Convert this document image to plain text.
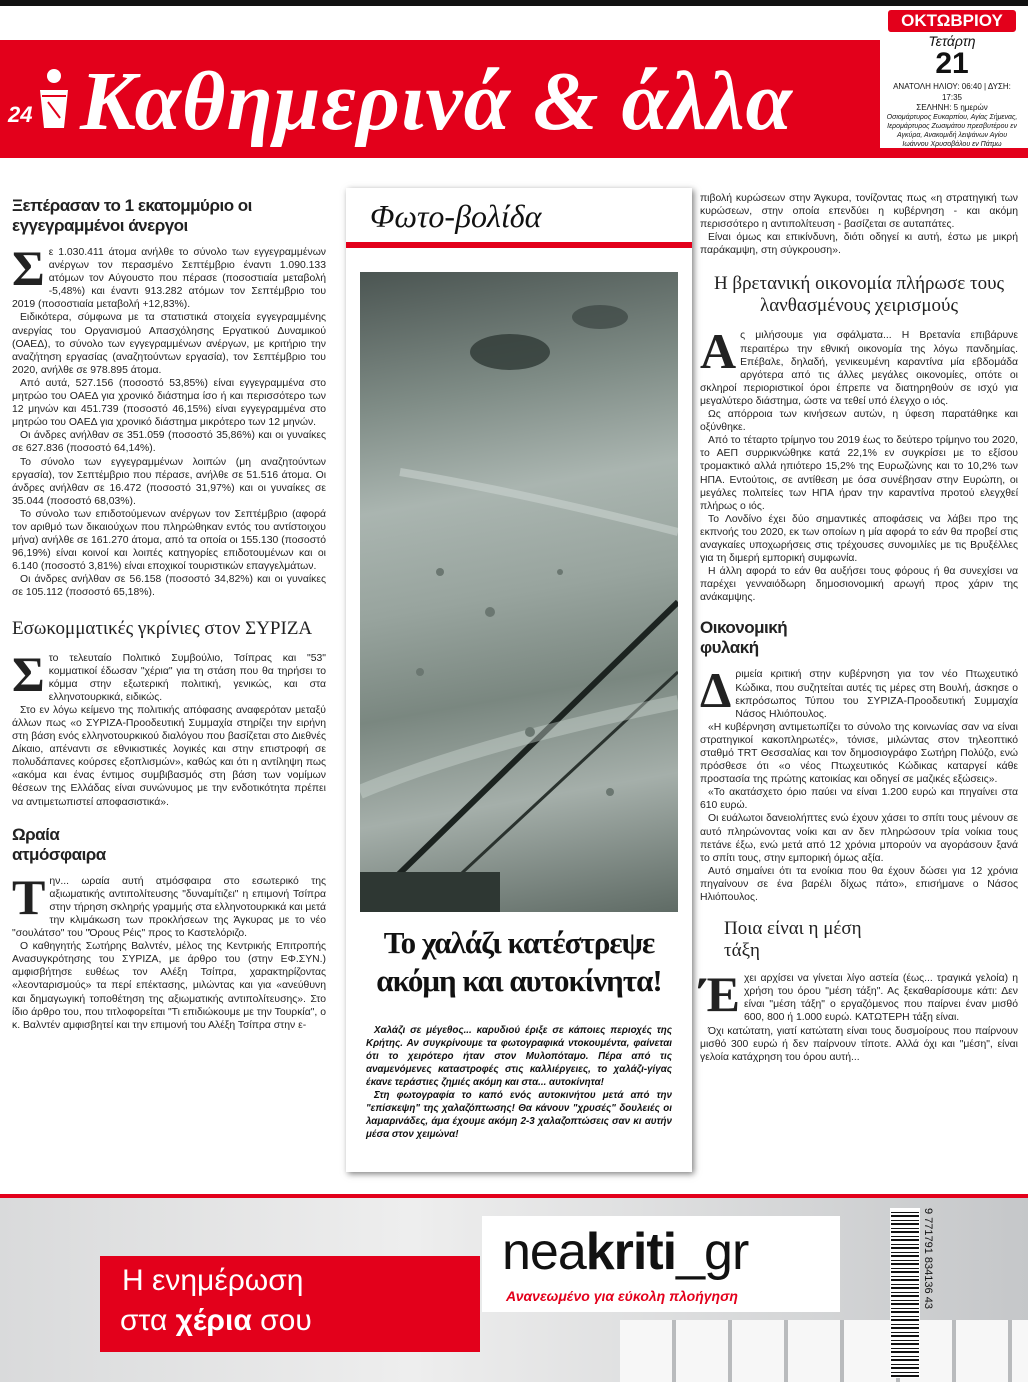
24 Καθημερινά & άλλα
ΟΚΤΩΒΡΙΟΥ
Τετάρτη
21
ΑΝΑΤΟΛΗ ΗΛΙΟΥ: 06:40 | ΔΥΣΗ: 17:35
ΣΕΛΗΝΗ: 5 ημερών
Οσιομάρτυρος Ευκαρπίου, Αγίας Σήμενας, Ιερομάρτυρος Ζωσιμάτου πρεσβυτέρου εν Αγκύρα, Ανακομιδή λειψάνων Αγίου Ιωάννου Χρυσοβάλου εν Πάτμω
Ξεπέρασαν το 1 εκατομμύριο οι εγγεγραμμένοι άνεργοι

Σε 1.030.411 άτομα ανήλθε το σύνολο των εγγεγραμμένων ανέργων τον περασμένο Σεπτέμβριο έναντι 1.090.133 ατόμων τον Αύγουστο που πέρασε (ποσοστιαία μεταβολή -5,48%) και έναντι 913.282 ατόμων τον Σεπτέμβριο του 2019 (ποσοστιαία μεταβολή +12,83%).

Ειδικότερα, σύμφωνα με τα στατιστικά στοιχεία εγγεγραμμένης ανεργίας του Οργανισμού Απασχόλησης Εργατικού Δυναμικού (ΟΑΕΔ), το σύνολο των εγγεγραμμένων ανέργων, με κριτήριο την αναζήτηση εργασίας (αναζητούντων εργασία), τον Σεπτέμβριο του 2020, ανήλθε σε 978.895 άτομα.

Από αυτά, 527.156 (ποσοστό 53,85%) είναι εγγεγραμμένα στο μητρώο του ΟΑΕΔ για χρονικό διάστημα ίσο ή και περισσότερο των 12 μηνών και 451.739 (ποσοστό 46,15%) είναι εγγεγραμμένα στο μητρώο του ΟΑΕΔ για χρονικό διάστημα μικρότερο των 12 μηνών.

Οι άνδρες ανήλθαν σε 351.059 (ποσοστό 35,86%) και οι γυναίκες σε 627.836 (ποσοστό 64,14%).

Το σύνολο των εγγεγραμμένων λοιπών (μη αναζητούντων εργασία), τον Σεπτέμβριο που πέρασε, ανήλθε σε 51.516 άτομα. Οι άνδρες ανήλθαν σε 16.472 (ποσοστό 31,97%) και οι γυναίκες σε 35.044 (ποσοστό 68,03%).

Το σύνολο των επιδοτούμενων ανέργων τον Σεπτέμβριο (αφορά τον αριθμό των δικαιούχων που πληρώθηκαν εντός του αντίστοιχου μήνα) ανήλθε σε 161.270 άτομα, από τα οποία οι 155.130 (ποσοστό 96,19%) είναι κοινοί και λοιπές κατηγορίες επιδοτουμένων και οι 6.140 (ποσοστό 3,81%) είναι εποχικοί τουριστικών επαγγελμάτων.

Οι άνδρες ανήλθαν σε 56.158 (ποσοστό 34,82%) και οι γυναίκες σε 105.112 (ποσοστό 65,18%).

Εσωκομματικές γκρίνιες στον ΣΥΡΙΖΑ

Στο τελευταίο Πολιτικό Συμβούλιο, Τσίπρας και "53" κομματικοί έδωσαν "χέρια" για τη στάση που θα τηρήσει το κόμμα στην εξωτερική πολιτική, γενικώς, και στα ελληνοτουρκικά, ειδικώς.

Στο εν λόγω κείμενο της πολιτικής απόφασης αναφερόταν μεταξύ άλλων πως «ο ΣΥΡΙΖΑ-Προοδευτική Συμμαχία στηρίζει την ειρήνη στη βάση ενός ελληνοτουρκικού διαλόγου που βασίζεται στο Διεθνές Δίκαιο, απέναντι σε εθνικιστικές λογικές και στην επιστροφή σε πολυδάπανες κούρσες εξοπλισμών», καθώς και ότι η αντίληψη πως «ακόμα και ένας έντιμος συμβιβασμός στη βάση των νομίμων θέσεων της Ελλάδας είναι συνώνυμος με την ενδοτικότητα πρέπει να αντιμετωπιστεί αποφασιστικά».

Ωραία ατμόσφαιρα

Την... ωραία αυτή ατμόσφαιρα στο εσωτερικό της αξιωματικής αντιπολίτευσης "δυναμίτιζει" η επιμονή Τσίπρα στην τήρηση σκληρής γραμμής στα ελληνοτουρκικά και μετά την κλιμάκωση των προκλήσεων της Άγκυρας με το νέο "σουλάτσο" του "Όρους Ρέις" προς το Καστελόριζο.

Ο καθηγητής Σωτήρης Βαλντέν, μέλος της Κεντρικής Επιτροπής Ανασυγκρότησης του ΣΥΡΙΖΑ, με άρθρο του (στην ΕΦ.ΣΥΝ.) αμφισβήτησε ευθέως τον Αλέξη Τσίπρα, χαρακτηρίζοντας «λεονταρισμούς» τα περί επέκτασης, μιλώντας και για «ανεύθυνη και δημαγωγική τοποθέτηση της αξιωματικής αντιπολίτευσης». Στο ίδιο άρθρο του, που τιτλοφορείται "Τι επιδιώκουμε με την Τουρκία", o κ. Βαλντέν αμφισβητεί και την επιμονή του Αλέξη Τσίπρα στην ε-

Φωτο-βολίδα
Το χαλάζι κατέστρεψε ακόμη και αυτοκίνητα!

Χαλάζι σε μέγεθος... καρυδιού έριξε σε κάποιες περιοχές της Κρήτης. Αν συγκρίνουμε τα φωτογραφικά ντοκουμέντα, φαίνεται ότι το χειρότερο ήταν στον Μυλοπόταμο. Πέρα από τις αναμενόμενες καταστροφές στις καλλιέργειες, το χαλάζι-γίγας έκανε τεράστιες ζημιές ακόμη και στα... αυτοκίνητα!

Στη φωτογραφία το καπό ενός αυτοκινήτου μετά από την "επίσκεψη" της χαλαζόπτωσης! Θα κάνουν "χρυσές" δουλειές οι λαμαρινάδες, άμα έχουμε ακόμη 2-3 χαλαζοπτώσεις σαν κι αυτήν μέσα στον χειμώνα!

πιβολή κυρώσεων στην Άγκυρα, τονίζοντας πως «η στρατηγική των κυρώσεων, στην οποία επενδύει η κυβέρνηση - και ακόμη περισσότερο η αντιπολίτευση - βασίζεται σε αυταπάτες.

Είναι όμως και επικίνδυνη, διότι οδηγεί κι αυτή, έστω με μικρή παράκαμψη, στη σύγκρουση».

Η βρετανική οικονομία πλήρωσε τους λανθασμένους χειρισμούς

Ας μιλήσουμε για σφάλματα... Η Βρετανία επιβάρυνε περαιτέρω την εθνική οικονομία της λόγω πανδημίας. Επέβαλε, δηλαδή, γενικευμένη καραντίνα μία εβδομάδα αργότερα από τις άλλες μεγάλες οικονομίες, οπότε οι σκληροί περιοριστικοί όροι έπρεπε να διατηρηθούν σε ισχύ για μεγαλύτερο διάστημα, ώστε να τεθεί υπό έλεγχο ο ιός.

Ως απόρροια των κινήσεων αυτών, η ύφεση παρατάθηκε και οξύνθηκε.

Από το τέταρτο τρίμηνο του 2019 έως το δεύτερο τρίμηνο του 2020, το ΑΕΠ συρρικνώθηκε κατά 22,1% εν συγκρίσει με το εξίσου τρομακτικό αλλά ηπιότερο 15,2% της Ευρωζώνης και το 10,2% των ΗΠΑ. Εντούτοις, σε αντίθεση με όσα συνέβησαν στην Ευρώπη, οι μεγάλες πολιτείες των ΗΠΑ ήραν την καραντίνα προτού ελεγχθεί πλήρως ο ιός.

Το Λονδίνο έχει δύο σημαντικές αποφάσεις να λάβει προ της εκπνοής του 2020, εκ των οποίων η μία αφορά το εάν θα προβεί στις αναγκαίες υποχωρήσεις στις τρέχουσες συνομιλίες με τις Βρυξέλλες για τη διμερή εμπορική συμφωνία.

Η άλλη αφορά το εάν θα αυξήσει τους φόρους ή θα συνεχίσει να παρέχει γενναιόδωρη δημοσιονομική αρωγή προς χάριν της ανάκαμψης.

Οικονομική φυλακή

Δριμεία κριτική στην κυβέρνηση για τον νέο Πτωχευτικό Κώδικα, που συζητείται αυτές τις μέρες στη Βουλή, άσκησε ο εκπρόσωπος Τύπου του ΣΥΡΙΖΑ-Προοδευτική Συμμαχία Νάσος Ηλιόπουλος.

«Η κυβέρνηση αντιμετωπίζει το σύνολο της κοινωνίας σαν να είναι στρατηγικοί κακοπληρωτές», τόνισε, μιλώντας στον τηλεοπτικό σταθμό TRT Θεσσαλίας και τον δημοσιογράφο Σωτήρη Πολύζο, ενώ πρόσθεσε ότι «ο νέος Πτωχευτικός Κώδικας καταργεί κάθε προστασία της πρώτης κατοικίας και οδηγεί σε μαζικές εξώσεις».

«Το ακατάσχετο όριο παύει να είναι 1.200 ευρώ και πηγαίνει στα 610 ευρώ.

Οι ευάλωτοι δανειολήπτες ενώ έχουν χάσει το σπίτι τους μένουν σε αυτό πληρώνοντας νοίκι και αν δεν πληρώσουν τρία νοίκια τους πετάνε έξω, ενώ μετά από 12 χρόνια μπορούν να αγοράσουν ξανά το σπίτι τους, στην εμπορική όμως αξία.

Αυτό σημαίνει ότι τα ενοίκια που θα έχουν δώσει για 12 χρόνια πηγαίνουν σε ένα βαρέλι δίχως πάτο», επισήμανε ο Νάσος Ηλιόπουλος.

Ποια είναι η μέση τάξη

Έχει αρχίσει να γίνεται λίγο αστεία (έως... τραγικά γελοία) η χρήση του όρου "μέση τάξη". Ας ξεκαθαρίσουμε κάτι: Δεν είναι "μέση τάξη" ο εργαζόμενος που παίρνει έναν μισθό 600, 800 ή 1.000 ευρώ. ΚΑΤΩΤΕΡΗ τάξη είναι.

Όχι κατώτατη, γιατί κατώτατη είναι τους δυσμοίρους που παίρνουν μισθό 300 ευρώ ή δεν παίρνουν τίποτε. Αλλά όχι και "μέση", είναι γελοία κατάχρηση του όρου αυτή...

Η ενημέρωση
στα χέρια σου
neakriti_gr
Ανανεωμένο για εύκολη πλοήγηση
9 771791 834136 43
